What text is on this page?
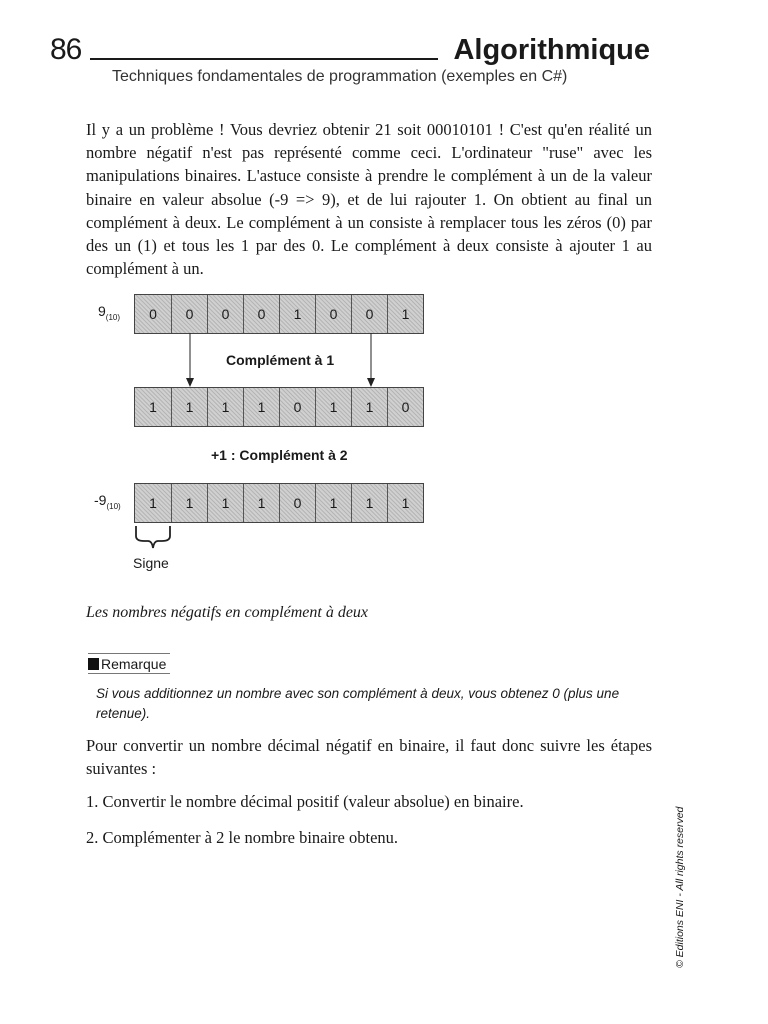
86	Algorithmique
Techniques fondamentales de programmation (exemples en C#)

Il y a un problème ! Vous devriez obtenir 21 soit 00010101 ! C'est qu'en réalité un nombre négatif n'est pas représenté comme ceci. L'ordinateur "ruse" avec les manipulations binaires. L'astuce consiste à prendre le complément à un de la valeur binaire en valeur absolue (-9 => 9), et de lui rajouter 1. On obtient au final un complément à deux. Le complément à un consiste à remplacer tous les zéros (0) par des un (1) et tous les 1 par des 0. Le complément à deux consiste à ajouter 1 au complément à un.

$9_{(10)}$	0	0	0	0	1	0	0	1
Complément à 1
1	1	1	1	0	1	1	0
+1 : Complément à 2
$-9_{(10)}$	1	1	1	1	0	1	1	1
Signe
Les nombres négatifs en complément à deux
Remarque

Si vous additionnez un nombre avec son complément à deux, vous obtenez 0 (plus une retenue).

Pour convertir un nombre décimal négatif en binaire, il faut donc suivre les étapes suivantes :

1. Convertir le nombre décimal positif (valeur absolue) en binaire.

2. Complémenter à 2 le nombre binaire obtenu.	© Editions ENI - All rights reserved
